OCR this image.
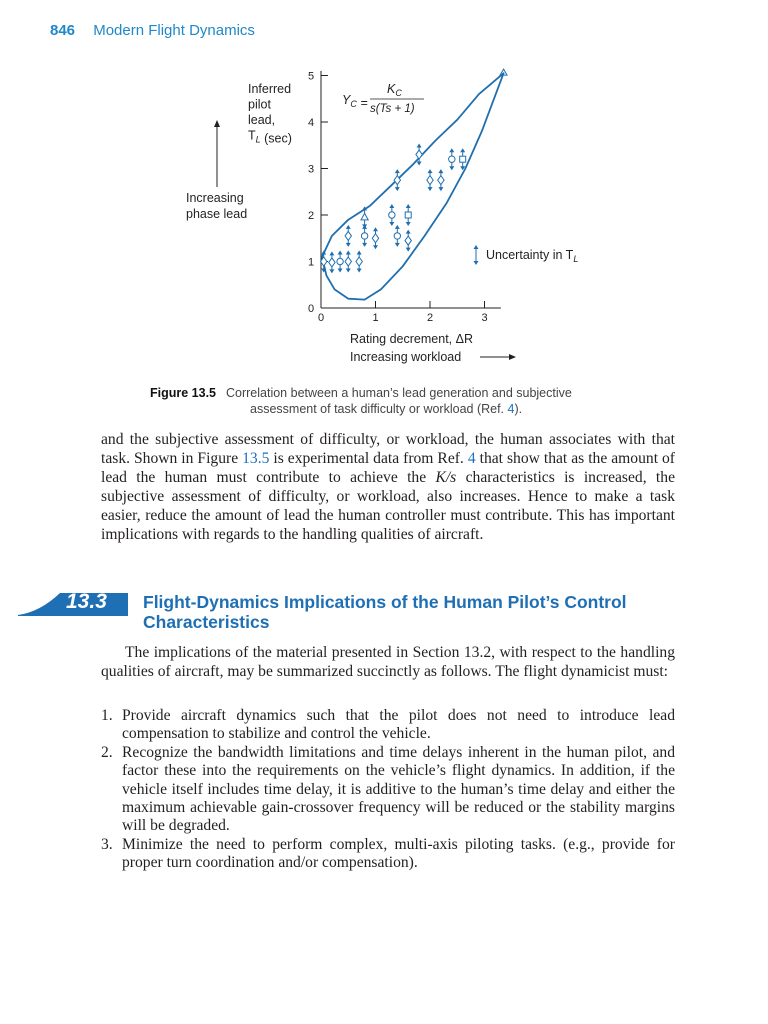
846 Modern Flight Dynamics
0
1
2
3
4
5
0	1	2	3
Inferred
pilot
lead,
$T_L$ (sec)
Increasing
phase lead
$Y_C$ =
$K_C$
s(Ts + 1)
Uncertainty in $T_L$
Rating decrement, ΔR
Increasing workload
Figure 13.5 Correlation between a human’s lead generation and subjective
assessment of task difficulty or workload (Ref. 4).
and the subjective assessment of difficulty, or workload, the human associates with that task. Shown in Figure 13.5 is experimental data from Ref. 4 that show that as the amount of lead the human must contribute to achieve the K/s characteristics is increased, the subjective assessment of difficulty, or workload, also increases. Hence to make a task easier, reduce the amount of lead the human controller must contribute. This has important implications with regards to the handling qualities of aircraft.
13.3 Flight-Dynamics Implications of the Human Pilot’s Control Characteristics
The implications of the material presented in Section 13.2, with respect to the handling qualities of aircraft, may be summarized succinctly as follows. The flight dynamicist must:
1. Provide aircraft dynamics such that the pilot does not need to introduce lead compensation to stabilize and control the vehicle.
2. Recognize the bandwidth limitations and time delays inherent in the human pilot, and factor these into the requirements on the vehicle’s flight dynamics. In addition, if the vehicle itself includes time delay, it is additive to the human’s time delay and either the maximum achievable gain-crossover frequency will be reduced or the stability margins will be degraded.
3. Minimize the need to perform complex, multi-axis piloting tasks. (e.g., provide for proper turn coordination and/or compensation).
